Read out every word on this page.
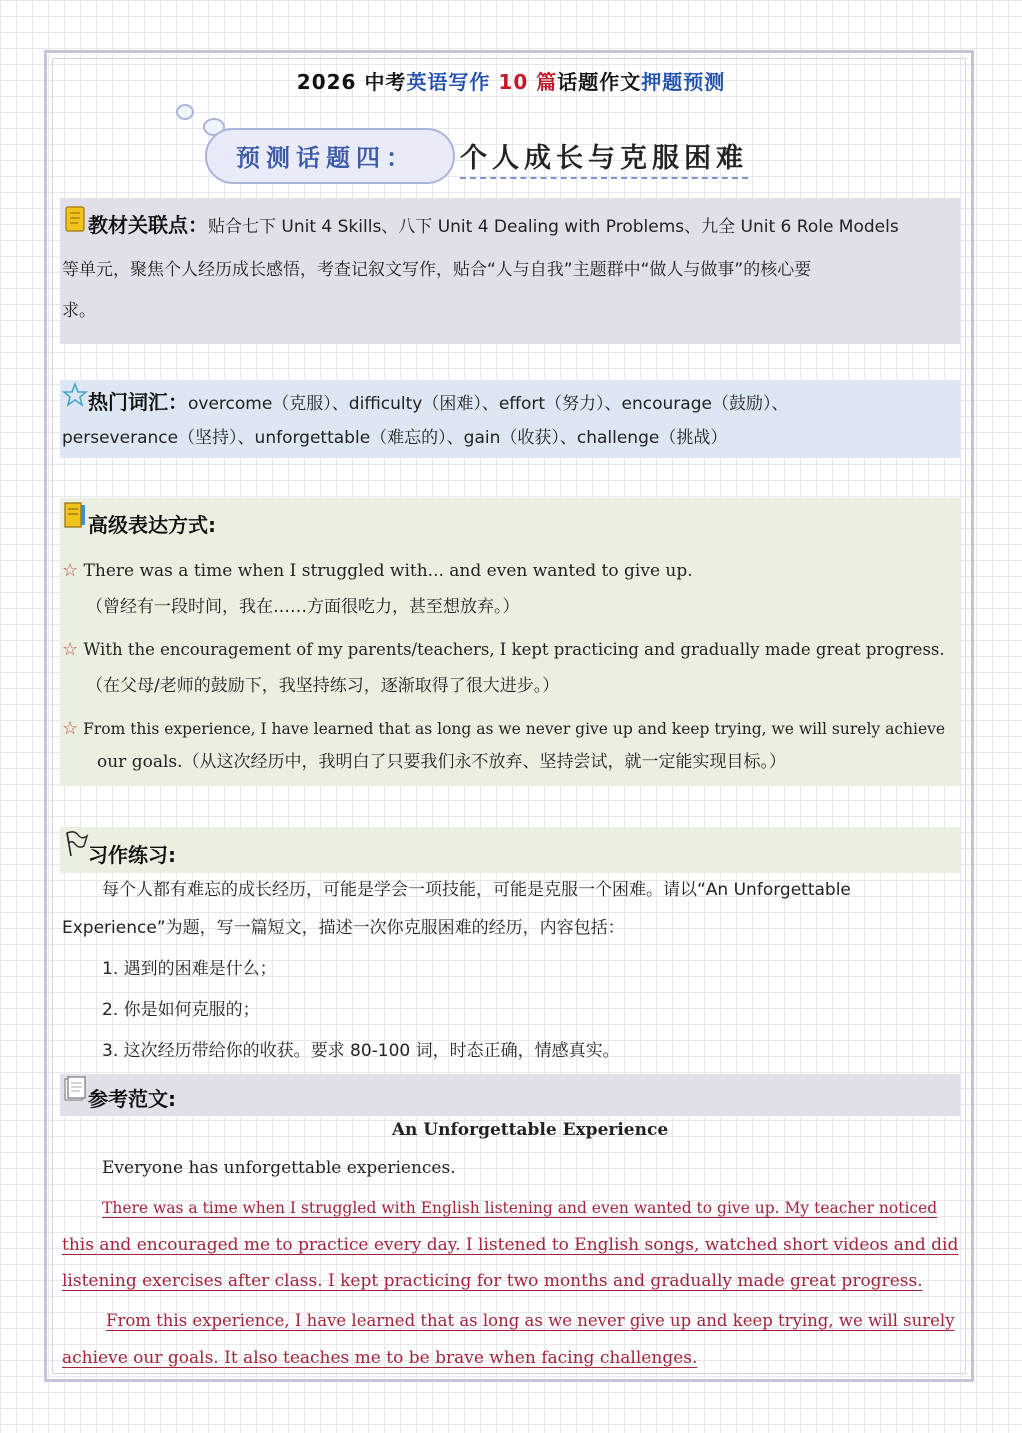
2026 中考英语写作 10 篇话题作文押题预测
预测话题四： 个人成长与克服困难
教材关联点：贴合七下 Unit 4 Skills、八下 Unit 4 Dealing with Problems、九全 Unit 6 Role Models
等单元，聚焦个人经历成长感悟，考查记叙文写作，贴合“人与自我”主题群中“做人与做事”的核心要
求。
热门词汇：overcome（克服）、difficulty（困难）、effort（努力）、encourage（鼓励）、
perseverance（坚持）、unforgettable（难忘的）、gain（收获）、challenge（挑战）
高级表达方式:
☆ There was a time when I struggled with... and even wanted to give up.
（曾经有一段时间，我在……方面很吃力，甚至想放弃。）
☆ With the encouragement of my parents/teachers, I kept practicing and gradually made great progress.
（在父母/老师的鼓励下，我坚持练习，逐渐取得了很大进步。）
☆ From this experience, I have learned that as long as we never give up and keep trying, we will surely achieve
our goals.（从这次经历中，我明白了只要我们永不放弃、坚持尝试，就一定能实现目标。）
习作练习:
每个人都有难忘的成长经历，可能是学会一项技能，可能是克服一个困难。请以“An Unforgettable
Experience”为题，写一篇短文，描述一次你克服困难的经历，内容包括：
1. 遇到的困难是什么；
2. 你是如何克服的；
3. 这次经历带给你的收获。要求 80-100 词，时态正确，情感真实。
参考范文:
An Unforgettable Experience
Everyone has unforgettable experiences.
There was a time when I struggled with English listening and even wanted to give up. My teacher noticed
this and encouraged me to practice every day. I listened to English songs, watched short videos and did
listening exercises after class. I kept practicing for two months and gradually made great progress.
From this experience, I have learned that as long as we never give up and keep trying, we will surely
achieve our goals. It also teaches me to be brave when facing challenges.
